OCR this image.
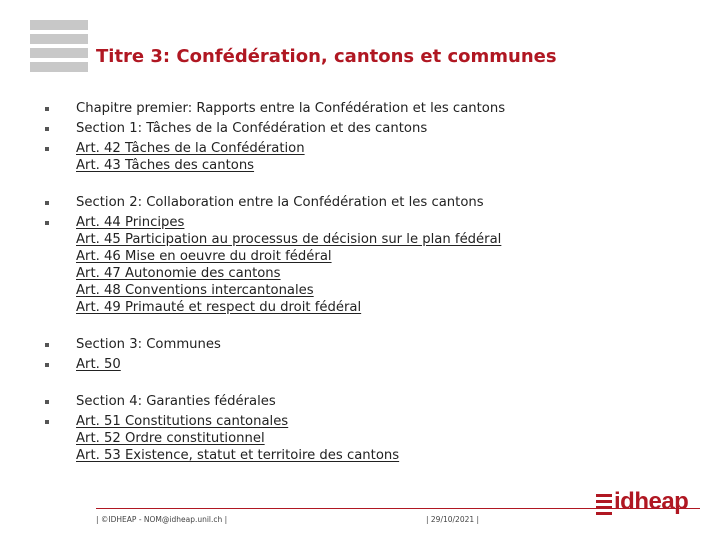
Titre 3: Confédération, cantons et communes
Chapitre premier: Rapports entre la Confédération et les cantons
Section 1: Tâches de la Confédération et des cantons
Art. 42 Tâches de la Confédération
Art. 43 Tâches des cantons
Section 2: Collaboration entre la Confédération et les cantons
Art. 44 Principes
Art. 45 Participation au processus de décision sur le plan fédéral
Art. 46 Mise en oeuvre du droit fédéral
Art. 47 Autonomie des cantons
Art. 48 Conventions intercantonales
Art. 49 Primauté et respect du droit fédéral
Section 3: Communes
Art. 50
Section 4: Garanties fédérales
Art. 51 Constitutions cantonales
Art. 52 Ordre constitutionnel
Art. 53 Existence, statut et territoire des cantons
| ©IDHEAP - NOM@idheap.unil.ch |	| 29/10/2021 |
idheap
